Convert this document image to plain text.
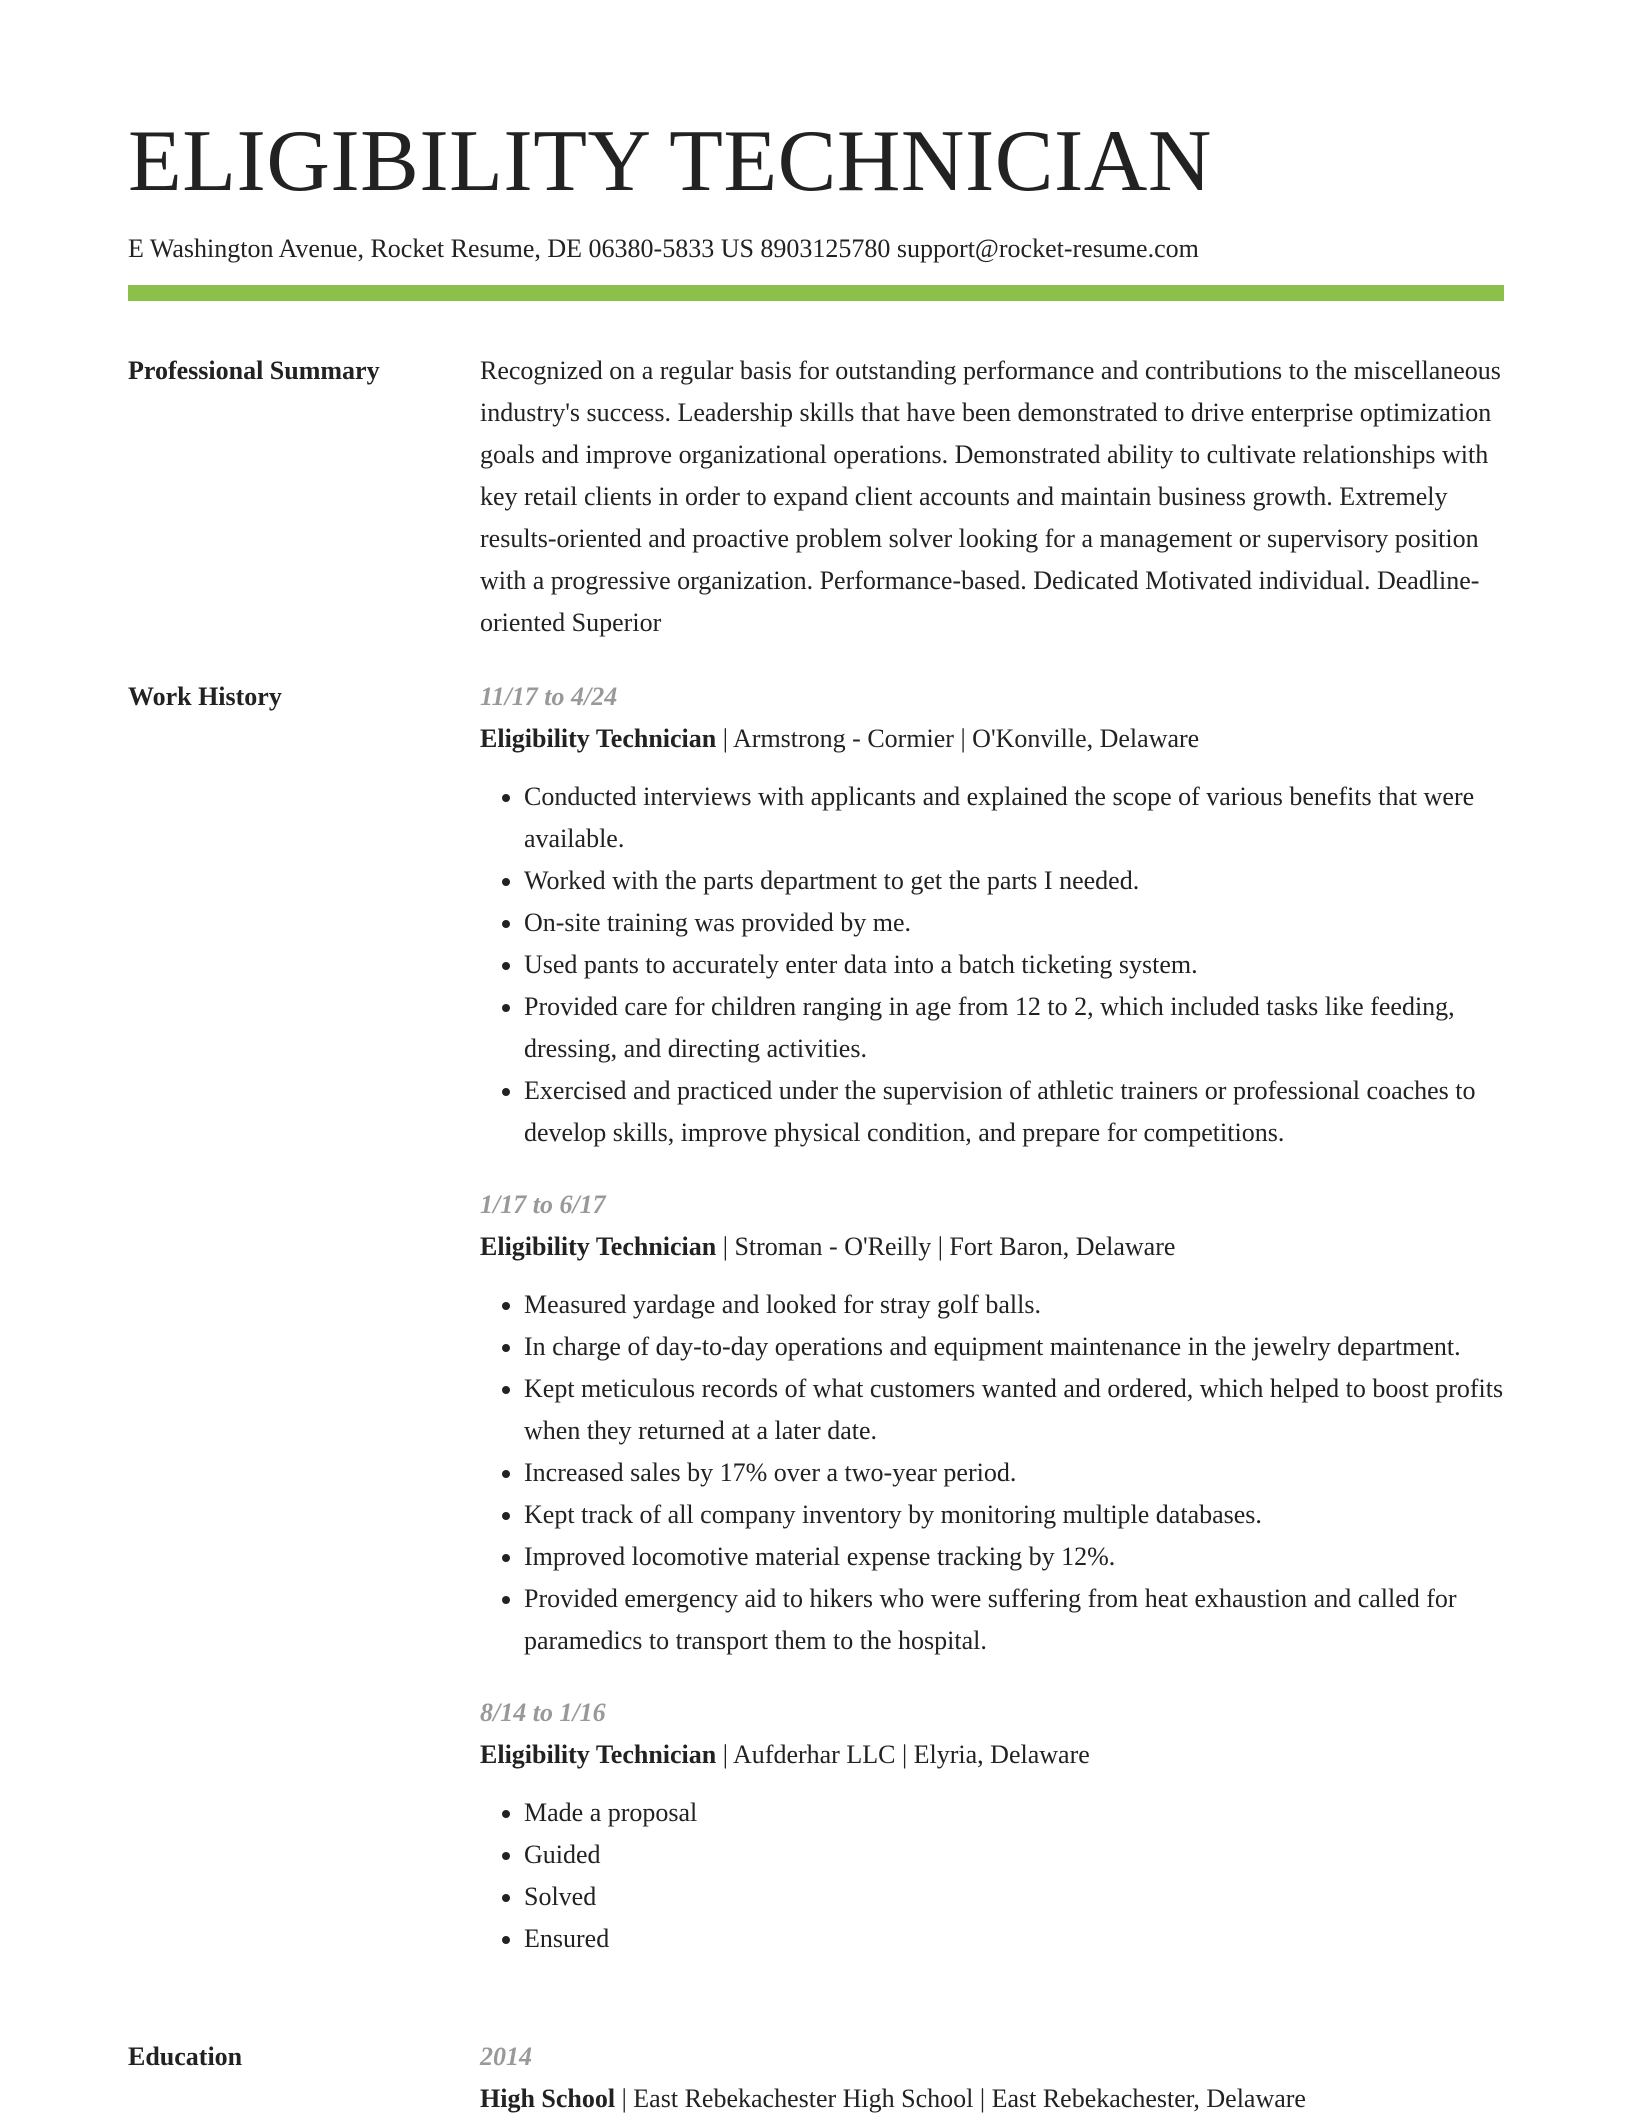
ELIGIBILITY TECHNICIAN
E Washington Avenue, Rocket Resume, DE 06380-5833 US 8903125780 support@rocket-resume.com
Professional Summary	Recognized on a regular basis for outstanding performance and contributions to the miscellaneous industry's success. Leadership skills that have been demonstrated to drive enterprise optimization goals and improve organizational operations. Demonstrated ability to cultivate relationships with key retail clients in order to expand client accounts and maintain business growth. Extremely results-oriented and proactive problem solver looking for a management or supervisory position with a progressive organization. Performance-based. Dedicated Motivated individual. Deadline-oriented Superior

Work History	11/17 to 4/24

Eligibility Technician | Armstrong - Cormier | O'Konville, Delaware

• Conducted interviews with applicants and explained the scope of various benefits that were available.
• Worked with the parts department to get the parts I needed.
• On-site training was provided by me.
• Used pants to accurately enter data into a batch ticketing system.
• Provided care for children ranging in age from 12 to 2, which included tasks like feeding, dressing, and directing activities.
• Exercised and practiced under the supervision of athletic trainers or professional coaches to develop skills, improve physical condition, and prepare for competitions.

1/17 to 6/17

Eligibility Technician | Stroman - O'Reilly | Fort Baron, Delaware

• Measured yardage and looked for stray golf balls.
• In charge of day-to-day operations and equipment maintenance in the jewelry department.
• Kept meticulous records of what customers wanted and ordered, which helped to boost profits when they returned at a later date.
• Increased sales by 17% over a two-year period.
• Kept track of all company inventory by monitoring multiple databases.
• Improved locomotive material expense tracking by 12%.
• Provided emergency aid to hikers who were suffering from heat exhaustion and called for paramedics to transport them to the hospital.

8/14 to 1/16

Eligibility Technician | Aufderhar LLC | Elyria, Delaware

• Made a proposal
• Guided
• Solved
• Ensured
Education	2014

High School | East Rebekachester High School | East Rebekachester, Delaware
